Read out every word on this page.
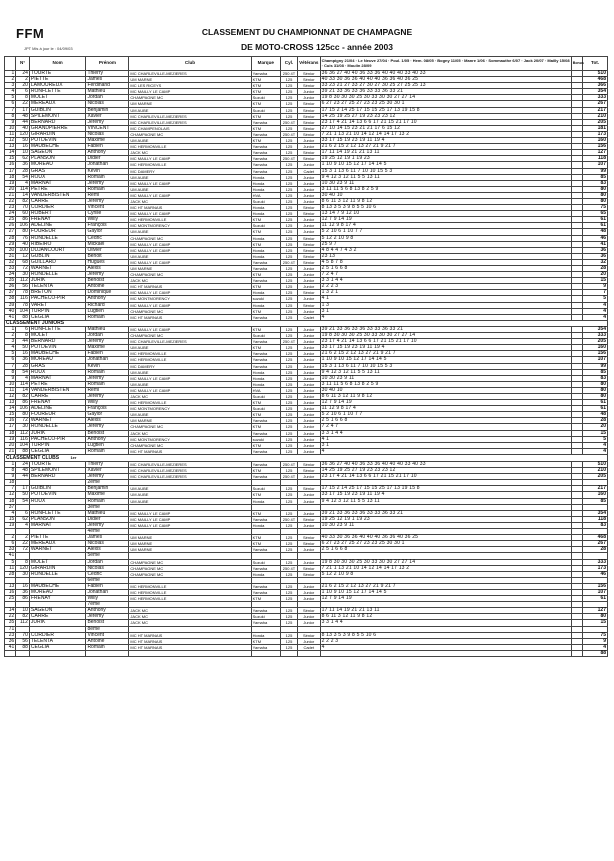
FFM
JPT Mis à jour le : 04/09/03
CLASSEMENT DU CHAMPIONNAT DE CHAMPAGNE
DE MOTO-CROSS 125cc - année 2003
	N°	Nom	Prénom	Club	Marque	Cyl.	Vétérans	Champigny 21/04 · Le Neuve 27/04 · Poul. 1/05 · Hem. 08/05 · Bogny 11/05 · Manre 1/06 · Sommauthe 6/07 · Jack 20/07 · Mailly 15/08 · Cuis 31/08 · Moulin 28/09	Bonus	Tot.
1	24	TOURTE	Thierry	MC CHARLEVILLE-MEZIERES	Yamaha	250 4T	Sénior	36 36 27 40 40 36 33 36 40 40 40 33 40 33		510
2	2	PIETTE	James	UM MARNE	KTM	125	Sénior	40 33 30 36 36 40 40 40 36 36 40 36 25		468
3	20	LAMOUREUX	Ferdinand	MC LES RICEYS	KTM	125	Sénior	33 23 21 27 33 27 30 27 30 25 27 25 25 13		366
4	6	RONFLETTE	Mathieu	MC MAILLY LE CAMP	KTM	125	Junior	39 21 33 36 33 36 33 33 36 33 21		354
5	8	MOLET	Jordan	CHAMPAGNE MC	Suzuki	125	Junior	19 8 30 30 30 25 30 33 30 30 27 27 14		333
6	22	MEREAUX	Nicolas	UM MARNE	KTM	125	Sénior	6 27 23 27 25 27 23 23 25 30 30 1		267
7	17	GUIBLIN	Benjamin	UM AUBE	Suzuki	125	Sénior	17 15 2 14 25 17 15 15 25 17 13 19 15 8		217
8	48	SPILEMONT	Xavier	MC CHARLEVILLE-MEZIERES	KTM	125	Sénior	14 25 19 25 27 19 23 23 23 12		210
9	44	BERNARD	Jérémy	MC CHARLEVILLE-MEZIERES	Yamaha	250 4T	Sénior	23 17 4 21 14 13 6 6 17 21 15 21 17 10		205
10	40	GRANDPIERRE	VINCENT	MC CHAMPENOLAIS	KTM	125	Sénior	27 10 14 15 23 21 21 17 6 15 12		181
11	120	GIRARDIN	Nicolas	CHAMPAGNE MC	Yamaha	250 4T	Sénior	7 21 1 13 21 10 14 12 14 14 17 13 2		173
12	50	POTDEVIN	Maxime	UM AUBE	KTM	125	Junior	33 17 15 19 23 19 11 19 4		160
13	16	MAUBECHE	Fabien	MC HERMONVILLE	Yamaha	125	Junior	21 6 2 15 2 12 13 27 21 9 21 7		156
14	10	SAGEON	Anthony	JACK MC	Yamaha	125	Sénior	17 11 14 19 21 21 13 11		127
15	62	PLANSON	Didier	MC MAILLY LE CAMP	Yamaha	250 4T	Sénior	19 25 12 19 1 19 23		118
16	36	MOREAU	Jonathan	MC HERMONVILLE	Yamaha	125	Junior	1 10 9 10 15 12 17 14 14 5		107
17	28	GRAS	Kévin	MC DAMERY	Yamaha	125	Cadet	15 3 1 13 6 11 7 10 10 15 5 3		99
18	54	ROUX	Romain	UM AUBE	Honda	125	Junior	9 4 12 3 12 11 5 5 13 11		85
19	4	MARNAT	Jérémy	MC MAILLY LE CAMP	Honda	125	Junior	10 30 23 9 11		83
20	114	PETRE	Romain	UM AUBE	Honda	125	Junior	3 11 11 5 6 8 13 8 2 5 9		80
21	14	VANDERBISTEN	Rémi	MC MAILLY LE CAMP	HVA	125	Junior	30 40 10		80
22	82	CARRE	Jérémy	JACK MC	Suzuki	125	Junior	8 6 11 3 12 11 9 8 12		80
23	70	CORDIER	Vincent	MC HT MARNAIS	Honda	125	Sénior	8 13 3 5 3 9 8 5 5 10 6		75
24	60	ROBERT	Cyrille	MC MAILLY LE CAMP	Honda	125	Sénior	13 14 7 9 12 10		65
25	86	FRENAY	Willy	MC HERMONVILLE	KTM	125	Junior	12 7 9 14 19		61
26	106	ADELINE	François	MC MONTMORENCY	Suzuki	125	Junior	11 12 9 8 17 4		61
27	80	FOUREUR	Gaylor	UM AUBE	KTM	125	Junior	5 2 10 6 1 10 7 7		48
28	76	RONDELLE	Cédric	CHAMPAGNE MC	Honda	125	Sénior	5 12 2 10 9 8		46
29	40	RIBEIRO	Mickaël	MC MAILLY LE CAMP	KTM	125	Sénior	25 9 7		41
30	100	DUJANCOURT	Olivier	MC MAILLY LE CAMP	Honda	125	Sénior	4 8 4 4 7 4 3 2		36
31	12	GUBLIN	Benoit	UM AUBE	Honda	125	Sénior	23 13		36
32	68	GUILLARD	Hugues	MC MAILLY LE CAMP	Yamaha	250 4T	Sénior	4 5 8 7 8		32
33	72	WARNET	Alexis	UM MARNE	Yamaha	125	Junior	2 5 1 6 6 8		28
34	30	RONDELLE	Jérémy	CHAMPAGNE MC	KTM	125	Junior	7 2 4 7		20
35	112	JURIK	Benoist	JACK MC	Yamaha	125	Junior	3 3 1 4 4		15
36	56	TELENTA	Antoine	MC HT MARNAIS	KTM	125	Junior	2 2 2 3		9
37	78	BRETON	Dominique	MC MAILLY LE CAMP	Honda	125	Sénior	1 3 2 1		7
38	116	PACHECO-PIR	Anthony	MC MONTMORENCY	suzuki	125	Junior	4 1		5
39	78	VARET	Richard	MC MAILLY LE CAMP	Honda	125	Sénior	1 3		4
40	104	TURPIN	Lugtien	CHAMPAGNE MC	KTM	125	Junior	3 1		4
41	88	CEGLIA	Romain	MC HT MARNAIS	Yamaha	125	Cadet	4		4
CLASSEMENT JUNIORS										
1	6	RONFLETTE	Mathieu	MC MAILLY LE CAMP	KTM	125	Junior	39 21 33 36 33 36 33 33 36 33 21		354
2	8	MOLET	Jordan	CHAMPAGNE MC	Suzuki	125	Junior	19 8 30 30 30 25 30 33 30 30 27 27 14		333
3	44	BERNARD	Jérémy	MC CHARLEVILLE-MEZIERES	Yamaha	250 4T	Junior	23 17 4 21 14 13 6 6 17 21 15 21 17 10		205
4	50	POTDEVIN	Maxime	UM AUBE	KTM	125	Junior	33 17 15 19 23 19 11 19 4		160
5	16	MAUBECHE	Fabien	MC HERMONVILLE	Yamaha	125	Junior	21 6 2 15 2 12 13 27 21 9 21 7		156
6	36	MOREAU	Jonathan	MC HERMONVILLE	Yamaha	125	Junior	1 10 9 10 15 12 17 14 14 5		107
7	28	GRAS	Kévin	MC DAMERY	Yamaha	125	Junior	15 3 1 13 6 11 7 10 10 15 5 3		99
8	54	ROUX	Romain	UM AUBE	Honda	125	Junior	9 4 12 3 12 11 5 5 13 11		85
9	4	MARNAT	Jérémy	MC MAILLY LE CAMP	Honda	125	Junior	10 30 23 9 11		83
10	114	PETRE	Romain	UM AUBE	Honda	125	Junior	3 11 11 5 6 8 13 8 2 5 9		80
11	14	VANDERBISTEN	Rémi	MC MAILLY LE CAMP	HVA	125	Junior	30 40 10		80
12	82	CARRE	Jérémy	JACK MC	Suzuki	125	Junior	8 6 11 3 12 11 9 8 12		80
13	86	FRENAY	Willy	MC HERMONVILLE	KTM	125	Junior	12 7 9 14 19		61
14	106	ADELINE	François	MC MONTMORENCY	Suzuki	125	Junior	11 12 9 8 17 4		61
15	80	FOUREUR	Gaylor	UM AUBE	KTM	125	Junior	5 2 10 6 1 10 7 7		48
16	72	WARNET	Alexis	UM MARNE	Yamaha	125	Junior	2 5 1 6 6 8		28
17	30	RONDELLE	Jérémy	CHAMPAGNE MC	KTM	125	Junior	7 2 4 7		20
18	112	JURIK	Benoist	JACK MC	Yamaha	125	Junior	3 3 1 4 4		15
19	116	PACHECO-PIR	Anthony	MC MONTMORENCY	suzuki	125	Junior	4 1		5
20	104	TURPIN	Lugtien	CHAMPAGNE MC	KTM	125	Junior	3 1		4
21	88	CEGLIA	Romain	MC HT MARNAIS	Yamaha	125	Junior	4		4
CLASSEMENT CLUBS 1er										
1	24	TOURTE	Thierry	MC CHARLEVILLE-MEZIERES	Yamaha	250 4T	Sénior	36 36 27 40 40 36 33 36 40 40 40 33 40 33		510
8	48	SPILEMONT	Xavier	MC CHARLEVILLE-MEZIERES	KTM	125	Sénior	14 25 19 25 27 19 23 23 23 12		210
9	44	BERNARD	Jérémy	MC CHARLEVILLE-MEZIERES	Yamaha	250 4T	Junior	23 17 4 21 14 13 6 6 17 21 15 21 17 10		205
18			2ème							
7	17	GUIBLIN	Benjamin	UM AUBE	Suzuki	125	Sénior	17 15 2 14 25 17 15 15 25 17 13 19 15 8		217
12	50	POTDEVIN	Maxime	UM AUBE	KTM	125	Junior	33 17 15 19 23 19 11 19 4		160
18	54	ROUX	Romain	UM AUBE	Honda	125	Junior	9 4 12 3 12 11 5 5 13 11		85
37			3ème							
4	6	RONFLETTE	Mathieu	MC MAILLY LE CAMP	KTM	125	Junior	39 21 33 36 33 36 33 33 36 33 21		354
15	62	PLANSON	Didier	MC MAILLY LE CAMP	Yamaha	250 4T	Sénior	19 25 12 19 1 19 23		118
19	4	MARNAT	Jérémy	MC MAILLY LE CAMP	Honda	125	Junior	10 30 23 9 11		83
			4ème							
2	2	PIETTE	James	UM MARNE	KTM	125	Sénior	40 33 30 36 36 40 40 40 36 36 40 36 25		468
6	22	MEREAUX	Nicolas	UM MARNE	KTM	125	Sénior	6 27 23 27 25 27 23 23 25 30 30 1		267
33	72	WARNET	Alexis	UM MARNE	Yamaha	125	Junior	2 5 1 6 6 8		28
41			5ème							
5	8	MOLET	Jordan	CHAMPAGNE MC	Suzuki	125	Junior	19 8 30 30 30 25 30 33 30 30 27 27 14		333
11	120	GIRARDIN	Nicolas	CHAMPAGNE MC	Yamaha	250 4T	Sénior	7 21 1 13 21 10 14 12 14 14 17 13 2		173
28	30	RONDELLE	Cédric	CHAMPAGNE MC	Honda	125	Sénior	5 12 2 10 9 8		46
			6ème							
13	16	MAUBECHE	Fabien	MC HERMONVILLE	Yamaha	125	Junior	21 6 2 15 2 12 13 27 21 9 21 7		156
16	36	MOREAU	Jonathan	MC HERMONVILLE	Yamaha	125	Junior	1 10 9 10 15 12 17 14 14 5		107
25	86	FRENAY	Willy	MC HERMONVILLE	KTM	125	Junior	12 7 9 14 19		61
			7ème							
14	10	SAGEON	Anthony	JACK MC	Yamaha	125	Sénior	17 11 14 19 21 21 13 11		127
22	82	CARRE	Jérémy	JACK MC	Suzuki	125	Junior	8 6 11 3 12 11 9 8 12		80
35	112	JURIK	Benoist	JACK MC	Yamaha	125	Junior	3 3 1 4 4		15
71			8ème							
23	70	CORDIER	Vincent	MC HT MARNAIS	Honda	125	Sénior	8 13 3 5 3 9 8 5 5 10 6		75
36	56	TELENTA	Antoine	MC HT MARNAIS	KTM	125	Junior	2 2 2 3		9
41	88	CEGLIA	Romain	MC HT MARNAIS	Yamaha	125	Cadet	4		4
										88
